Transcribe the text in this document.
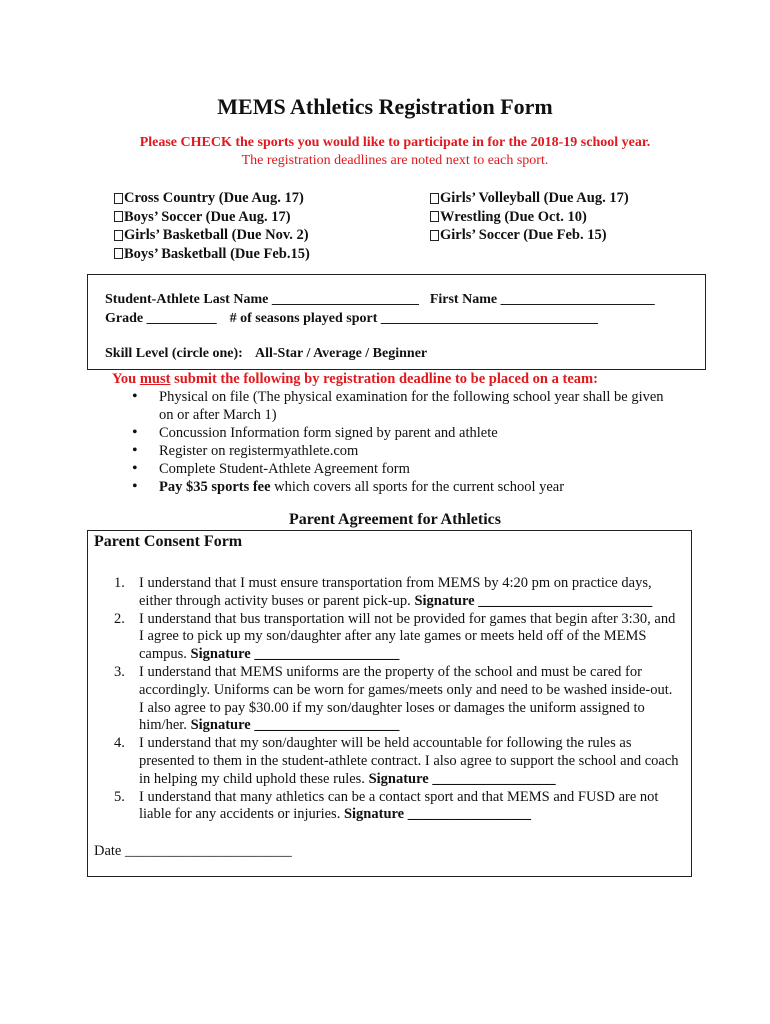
MEMS Athletics Registration Form
Please CHECK the sports you would like to participate in for the 2018-19 school year.
The registration deadlines are noted next to each sport.
Cross Country (Due Aug. 17)
Boys’ Soccer (Due Aug. 17)
Girls’ Basketball (Due Nov. 2)
Boys’ Basketball (Due Feb.15)
Girls’ Volleyball (Due Aug. 17)
Wrestling (Due Oct. 10)
Girls’ Soccer (Due Feb. 15)
Student-Athlete Last Name _____________________ First Name ______________________
Grade __________ # of seasons played sport _______________________________
Skill Level (circle one): All-Star / Average / Beginner
You must submit the following by registration deadline to be placed on a team:
• Physical on file (The physical examination for the following school year shall be given on or after March 1)
• Concussion Information form signed by parent and athlete
• Register on registermyathlete.com
• Complete Student-Athlete Agreement form
• Pay $35 sports fee which covers all sports for the current school year
Parent Agreement for Athletics
Parent Consent Form
1. I understand that I must ensure transportation from MEMS by 4:20 pm on practice days, either through activity buses or parent pick-up. Signature ________________________
2. I understand that bus transportation will not be provided for games that begin after 3:30, and I agree to pick up my son/daughter after any late games or meets held off of the MEMS campus. Signature ____________________
3. I understand that MEMS uniforms are the property of the school and must be cared for accordingly. Uniforms can be worn for games/meets only and need to be washed inside-out. I also agree to pay $30.00 if my son/daughter loses or damages the uniform assigned to him/her. Signature ____________________
4. I understand that my son/daughter will be held accountable for following the rules as presented to them in the student-athlete contract. I also agree to support the school and coach in helping my child uphold these rules. Signature _________________
5. I understand that many athletics can be a contact sport and that MEMS and FUSD are not liable for any accidents or injuries. Signature _________________
Date _______________________
